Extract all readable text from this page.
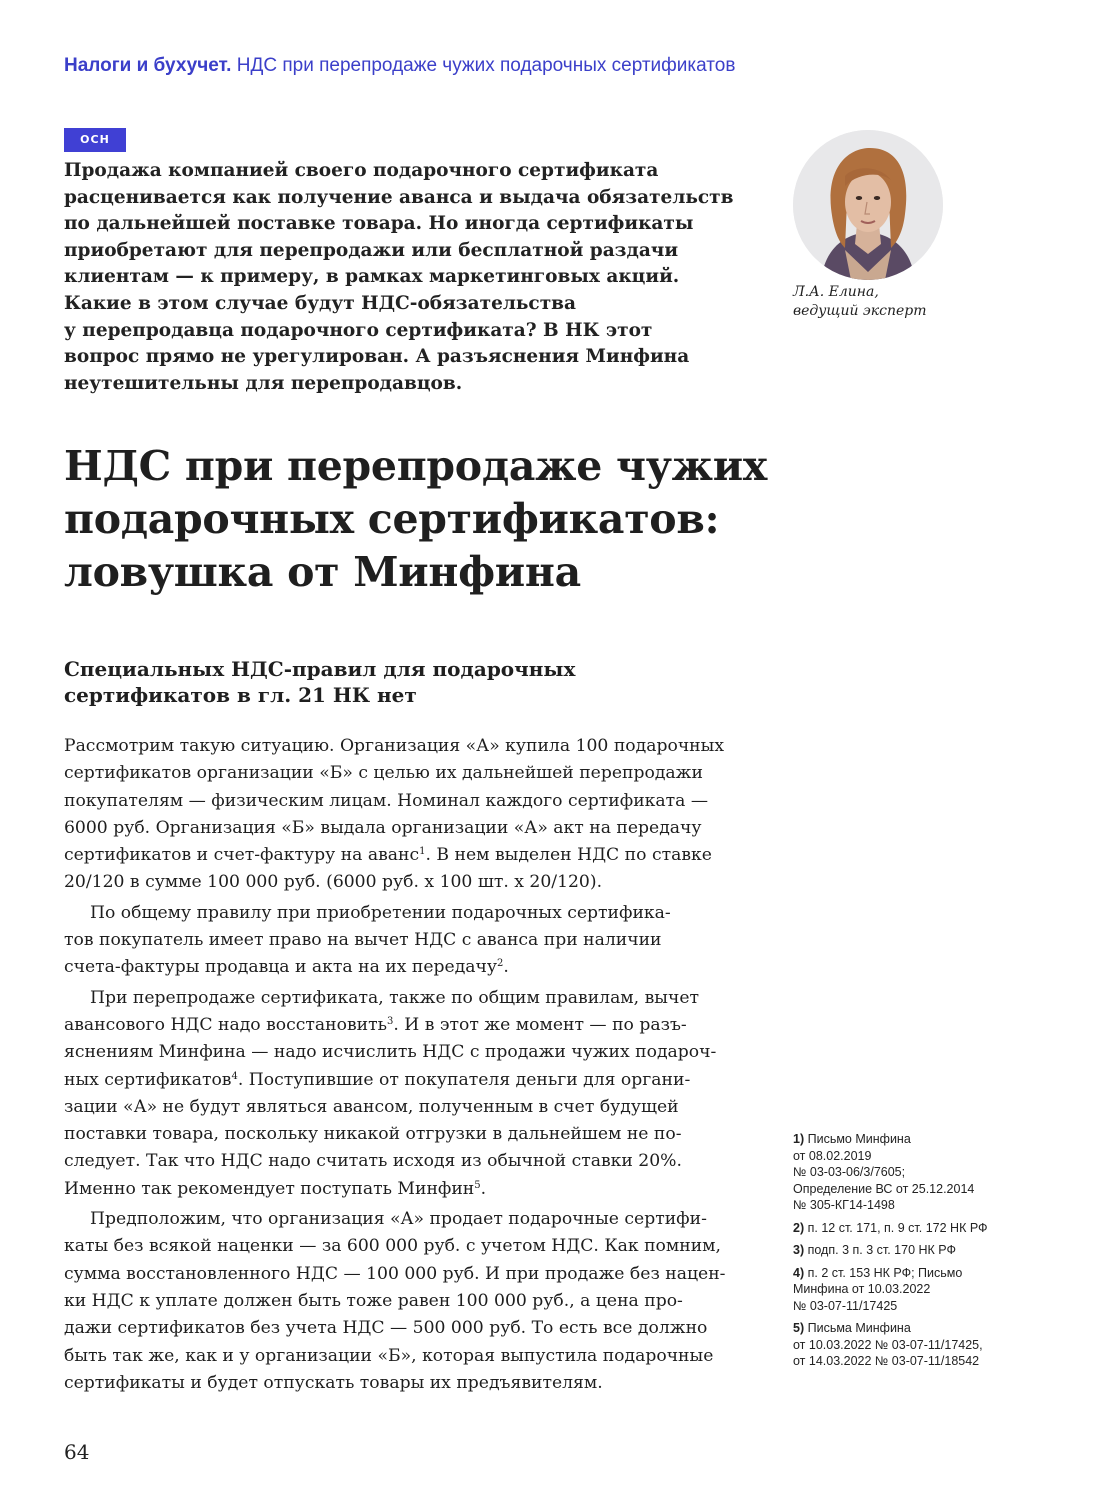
Налоги и бухучет. НДС при перепродаже чужих подарочных сертификатов
ОСН
Продажа компанией своего подарочного сертификата
расценивается как получение аванса и выдача обязательств
по дальнейшей поставке товара. Но иногда сертификаты
приобретают для перепродажи или бесплатной раздачи
клиентам — к примеру, в рамках маркетинговых акций.
Какие в этом случае будут НДС-обязательства
у перепродавца подарочного сертификата? В НК этот
вопрос прямо не урегулирован. А разъяснения Минфина
неутешительны для перепродавцов.
Л.А. Елина,
ведущий эксперт
НДС при перепродаже чужих
подарочных сертификатов:
ловушка от Минфина
Специальных НДС-правил для подарочных
сертификатов в гл. 21 НК нет
Рассмотрим такую ситуацию. Организация «А» купила 100 подарочных
сертификатов организации «Б» с целью их дальнейшей перепродажи
покупателям — физическим лицам. Номинал каждого сертификата —
6000 руб. Организация «Б» выдала организации «А» акт на передачу
сертификатов и счет-фактуру на аванс$^1$. В нем выделен НДС по ставке
20/120 в сумме 100 000 руб. (6000 руб. х 100 шт. х 20/120).
По общему правилу при приобретении подарочных сертифика-
тов покупатель имеет право на вычет НДС с аванса при наличии
счета-фактуры продавца и акта на их передачу$^2$.
При перепродаже сертификата, также по общим правилам, вычет
авансового НДС надо восстановить$^3$. И в этот же момент — по разъ-
яснениям Минфина — надо исчислить НДС с продажи чужих подароч-
ных сертификатов$^4$. Поступившие от покупателя деньги для органи-
зации «А» не будут являться авансом, полученным в счет будущей
поставки товара, поскольку никакой отгрузки в дальнейшем не по-
следует. Так что НДС надо считать исходя из обычной ставки 20%.
Именно так рекомендует поступать Минфин$^5$.
Предположим, что организация «А» продает подарочные сертифи-
каты без всякой наценки — за 600 000 руб. с учетом НДС. Как помним,
сумма восстановленного НДС — 100 000 руб. И при продаже без нацен-
ки НДС к уплате должен быть тоже равен 100 000 руб., а цена про-
дажи сертификатов без учета НДС — 500 000 руб. То есть все должно
быть так же, как и у организации «Б», которая выпустила подарочные
сертификаты и будет отпускать товары их предъявителям.
1) Письмо Минфина
от 08.02.2019
№ 03-03-06/3/7605;
Определение ВС от 25.12.2014
№ 305-КГ14-1498
2) п. 12 ст. 171, п. 9 ст. 172 НК РФ
3) подп. 3 п. 3 ст. 170 НК РФ
4) п. 2 ст. 153 НК РФ; Письмо
Минфина от 10.03.2022
№ 03-07-11/17425
5) Письма Минфина
от 10.03.2022 № 03-07-11/17425,
от 14.03.2022 № 03-07-11/18542
64
